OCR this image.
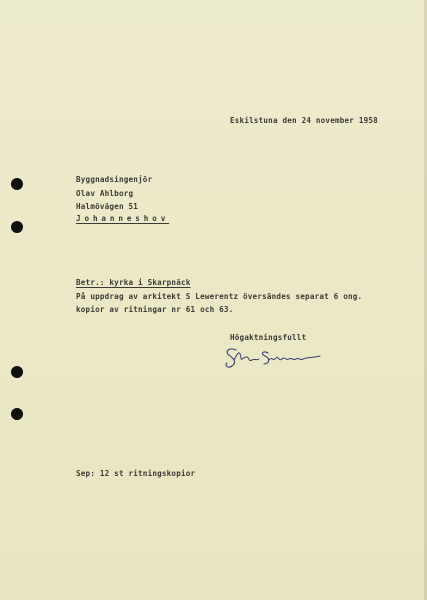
Eskilstuna den 24 november 1958
Byggnadsingenjör
Olav Ahlborg
Halmövägen 51
Johanneshov
Betr.: kyrka i Skarpnäck
På uppdrag av arkitekt S Lewerentz översändes separat 6 ong.
kopior av ritningar nr 61 och 63.
Högaktningsfullt
Sep: 12 st ritningskopior
